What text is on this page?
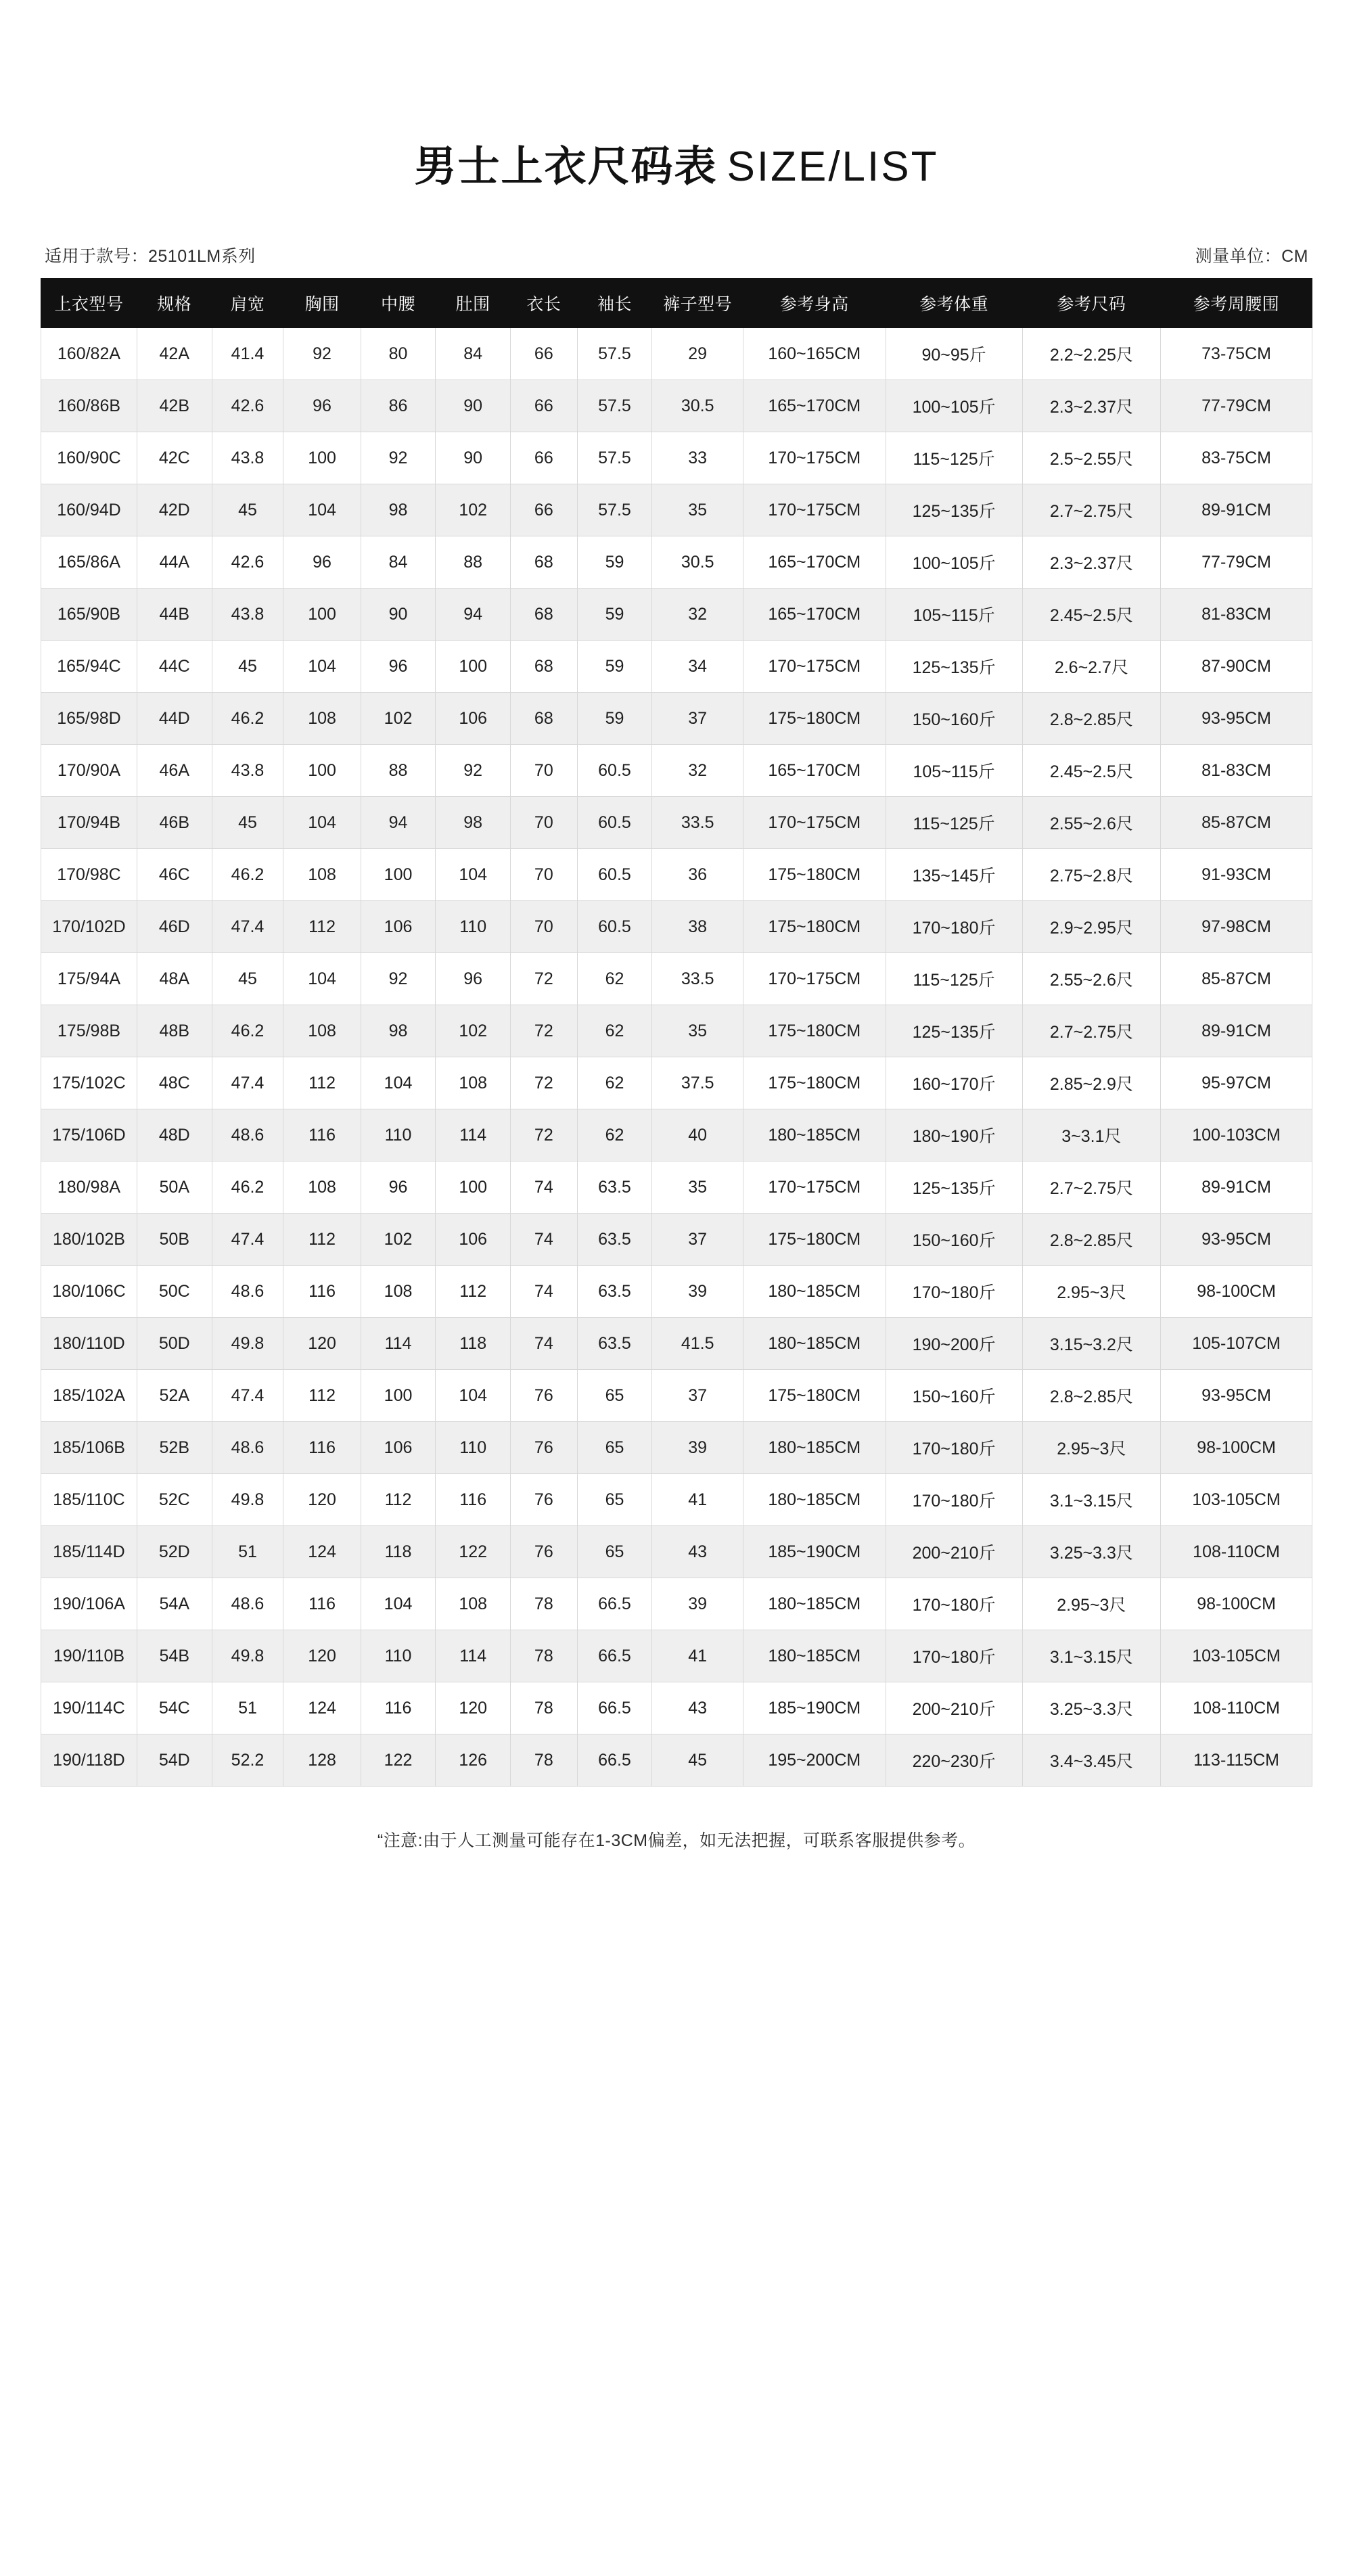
男士上衣尺码表 SIZE/LIST
适用于款号：25101LM系列	测量单位：CM
上衣型号	规格	肩宽	胸围	中腰	肚围	衣长	袖长	裤子型号	参考身高	参考体重	参考尺码	参考周腰围
160/82A	42A	41.4	92	80	84	66	57.5	29	160~165CM	90~95斤	2.2~2.25尺	73-75CM
160/86B	42B	42.6	96	86	90	66	57.5	30.5	165~170CM	100~105斤	2.3~2.37尺	77-79CM
160/90C	42C	43.8	100	92	90	66	57.5	33	170~175CM	115~125斤	2.5~2.55尺	83-75CM
160/94D	42D	45	104	98	102	66	57.5	35	170~175CM	125~135斤	2.7~2.75尺	89-91CM
165/86A	44A	42.6	96	84	88	68	59	30.5	165~170CM	100~105斤	2.3~2.37尺	77-79CM
165/90B	44B	43.8	100	90	94	68	59	32	165~170CM	105~115斤	2.45~2.5尺	81-83CM
165/94C	44C	45	104	96	100	68	59	34	170~175CM	125~135斤	2.6~2.7尺	87-90CM
165/98D	44D	46.2	108	102	106	68	59	37	175~180CM	150~160斤	2.8~2.85尺	93-95CM
170/90A	46A	43.8	100	88	92	70	60.5	32	165~170CM	105~115斤	2.45~2.5尺	81-83CM
170/94B	46B	45	104	94	98	70	60.5	33.5	170~175CM	115~125斤	2.55~2.6尺	85-87CM
170/98C	46C	46.2	108	100	104	70	60.5	36	175~180CM	135~145斤	2.75~2.8尺	91-93CM
170/102D	46D	47.4	112	106	110	70	60.5	38	175~180CM	170~180斤	2.9~2.95尺	97-98CM
175/94A	48A	45	104	92	96	72	62	33.5	170~175CM	115~125斤	2.55~2.6尺	85-87CM
175/98B	48B	46.2	108	98	102	72	62	35	175~180CM	125~135斤	2.7~2.75尺	89-91CM
175/102C	48C	47.4	112	104	108	72	62	37.5	175~180CM	160~170斤	2.85~2.9尺	95-97CM
175/106D	48D	48.6	116	110	114	72	62	40	180~185CM	180~190斤	3~3.1尺	100-103CM
180/98A	50A	46.2	108	96	100	74	63.5	35	170~175CM	125~135斤	2.7~2.75尺	89-91CM
180/102B	50B	47.4	112	102	106	74	63.5	37	175~180CM	150~160斤	2.8~2.85尺	93-95CM
180/106C	50C	48.6	116	108	112	74	63.5	39	180~185CM	170~180斤	2.95~3尺	98-100CM
180/110D	50D	49.8	120	114	118	74	63.5	41.5	180~185CM	190~200斤	3.15~3.2尺	105-107CM
185/102A	52A	47.4	112	100	104	76	65	37	175~180CM	150~160斤	2.8~2.85尺	93-95CM
185/106B	52B	48.6	116	106	110	76	65	39	180~185CM	170~180斤	2.95~3尺	98-100CM
185/110C	52C	49.8	120	112	116	76	65	41	180~185CM	170~180斤	3.1~3.15尺	103-105CM
185/114D	52D	51	124	118	122	76	65	43	185~190CM	200~210斤	3.25~3.3尺	108-110CM
190/106A	54A	48.6	116	104	108	78	66.5	39	180~185CM	170~180斤	2.95~3尺	98-100CM
190/110B	54B	49.8	120	110	114	78	66.5	41	180~185CM	170~180斤	3.1~3.15尺	103-105CM
190/114C	54C	51	124	116	120	78	66.5	43	185~190CM	200~210斤	3.25~3.3尺	108-110CM
190/118D	54D	52.2	128	122	126	78	66.5	45	195~200CM	220~230斤	3.4~3.45尺	113-115CM
“注意:由于人工测量可能存在1-3CM偏差，如无法把握，可联系客服提供参考。
